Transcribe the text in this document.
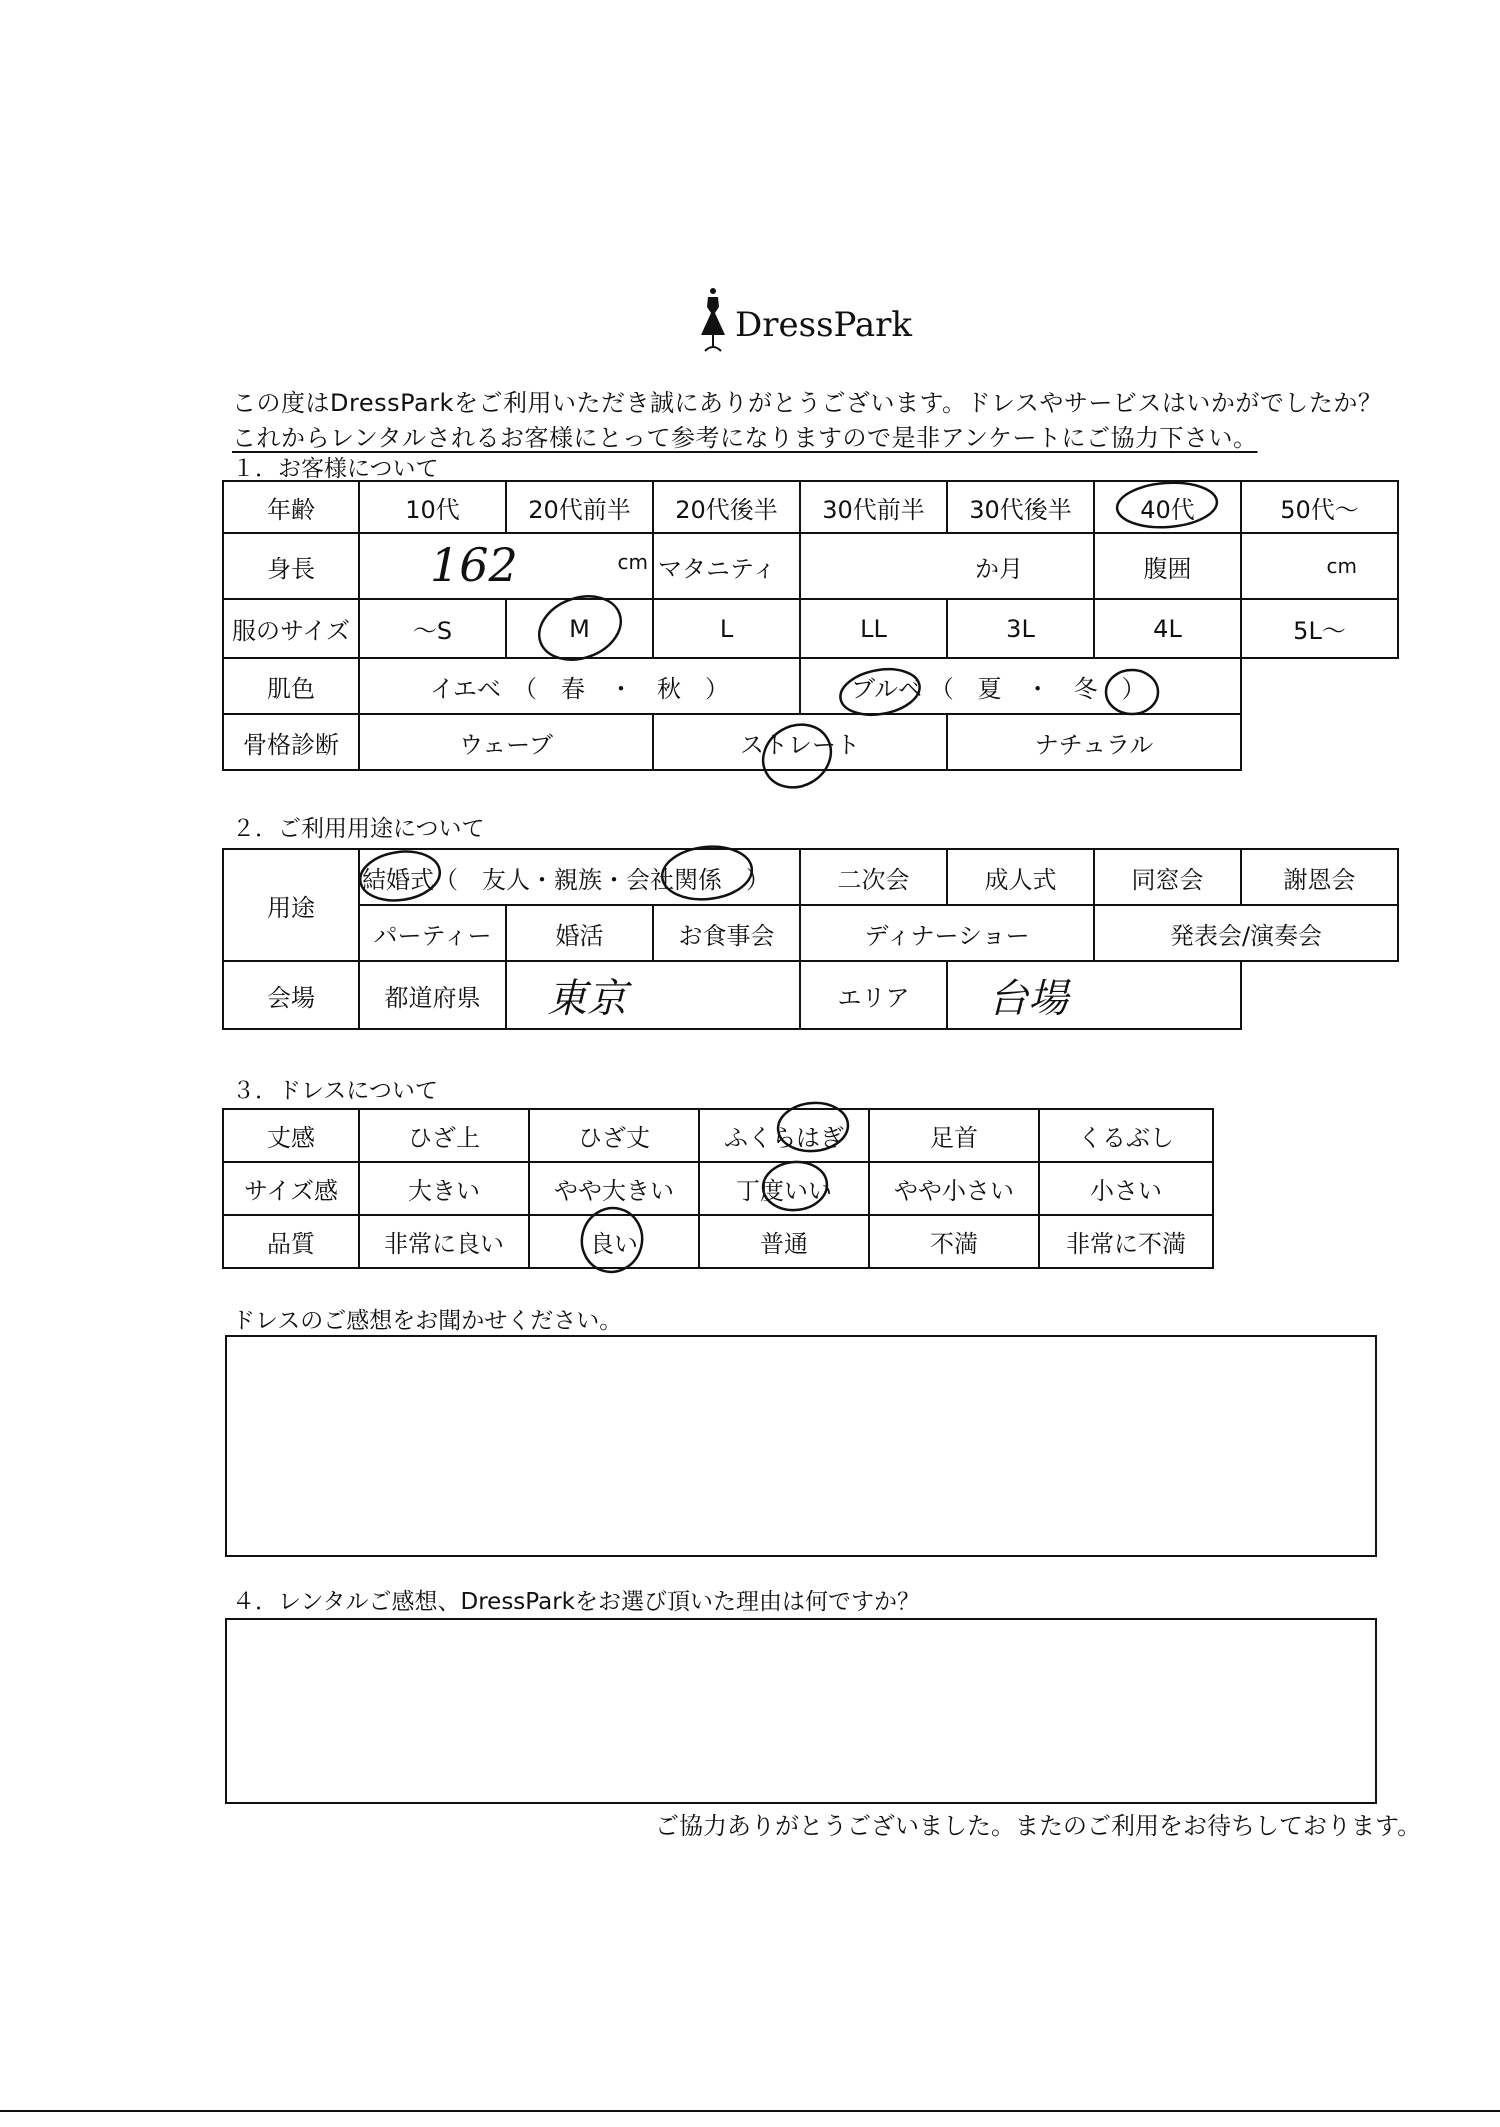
DressPark
この度はDressParkをご利用いただき誠にありがとうございます。ドレスやサービスはいかがでしたか？
これからレンタルされるお客様にとって参考になりますので是非アンケートにご協力下さい。
１．お客様について
年齢	10代	20代前半	20代後半	30代前半	30代後半	40代	50代～
身長	162 cm		マタニティ	か月		腹囲	cm
服のサイズ	～S	M	L	LL	3L	4L	5L～
肌色	イエベ　（　春　・　秋　）			ブルベ （　夏　・　冬　）			
骨格診断	ウェーブ		ストレート		ナチュラル		
２．ご利用用途について
用途	結婚式（　友人・親族・会社関係　）			二次会	成人式	同窓会	謝恩会
	パーティー	婚活	お食事会	ディナーショー		発表会/演奏会	
会場	都道府県	東京		エリア	台場		
３．ドレスについて
丈感	ひざ上	ひざ丈	ふくらはぎ	足首	くるぶし
サイズ感	大きい	やや大きい	丁度いい	やや小さい	小さい
品質	非常に良い	良い	普通	不満	非常に不満
ドレスのご感想をお聞かせください。
４．レンタルご感想、DressParkをお選び頂いた理由は何ですか？
ご協力ありがとうございました。またのご利用をお待ちしております。
